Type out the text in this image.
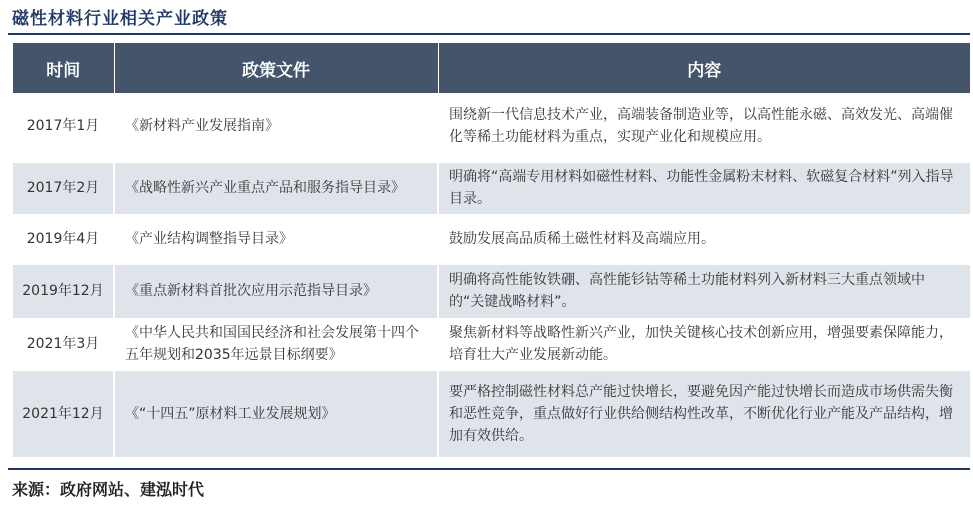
磁性材料行业相关产业政策
时间	政策文件	内容
2017年1月	《新材料产业发展指南》	围绕新一代信息技术产业，高端装备制造业等，以高性能永磁、高效发光、高端催化等稀土功能材料为重点，实现产业化和规模应用。
2017年2月	《战略性新兴产业重点产品和服务指导目录》	明确将“高端专用材料如磁性材料、功能性金属粉末材料、软磁复合材料”列入指导目录。
2019年4月	《产业结构调整指导目录》	鼓励发展高品质稀土磁性材料及高端应用。
2019年12月	《重点新材料首批次应用示范指导目录》	明确将高性能钕铁硼、高性能钐钴等稀土功能材料列入新材料三大重点领域中的“关键战略材料”。
2021年3月	《中华人民共和国国民经济和社会发展第十四个五年规划和2035年远景目标纲要》	聚焦新材料等战略性新兴产业，加快关键核心技术创新应用，增强要素保障能力，培育壮大产业发展新动能。
2021年12月	《“十四五”原材料工业发展规划》	要严格控制磁性材料总产能过快增长，要避免因产能过快增长而造成市场供需失衡和恶性竞争，重点做好行业供给侧结构性改革，不断优化行业产能及产品结构，增加有效供给。
来源：政府网站、建泓时代
